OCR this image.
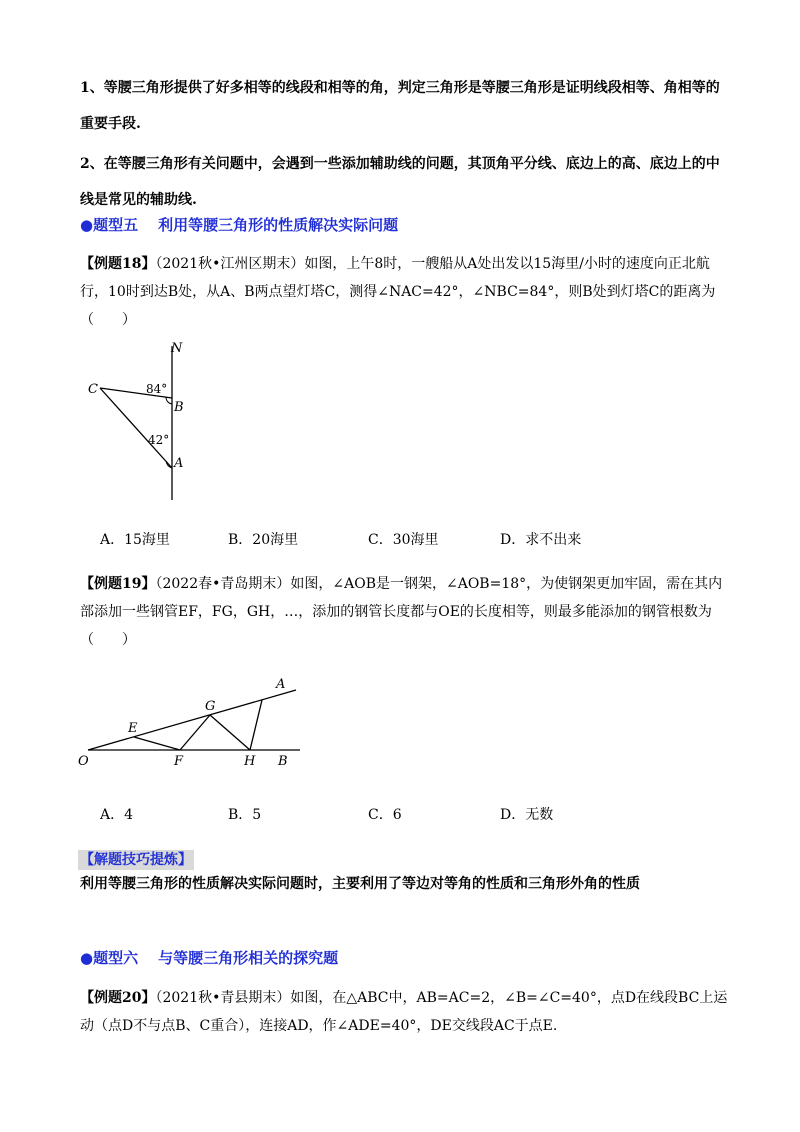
1、等腰三角形提供了好多相等的线段和相等的角，判定三角形是等腰三角形是证明线段相等、角相等的重要手段.
2、在等腰三角形有关问题中，会遇到一些添加辅助线的问题，其顶角平分线、底边上的高、底边上的中线是常见的辅助线.
●题型五 利用等腰三角形的性质解决实际问题
【例题18】（2021秋•江州区期末）如图，上午8时，一艘船从A处出发以15海里/小时的速度向正北航行，10时到达B处，从A、B两点望灯塔C，测得∠NAC=42°，∠NBC=84°，则B处到灯塔C的距离为（　　）
N
C
B
A
84°
42°
A．15海里	B．20海里	C．30海里	D．求不出来
【例题19】（2022春•青岛期末）如图，∠AOB是一钢架，∠AOB=18°，为使钢架更加牢固，需在其内部添加一些钢管EF，FG，GH，…，添加的钢管长度都与OE的长度相等，则最多能添加的钢管根数为（　　）
O
E
F
G
H
A
B
A．4	B．5	C．6	D．无数
【解题技巧提炼】
利用等腰三角形的性质解决实际问题时，主要利用了等边对等角的性质和三角形外角的性质
●题型六 与等腰三角形相关的探究题
【例题20】（2021秋•青县期末）如图，在△ABC中，AB=AC=2，∠B=∠C=40°，点D在线段BC上运动（点D不与点B、C重合），连接AD，作∠ADE=40°，DE交线段AC于点E.
